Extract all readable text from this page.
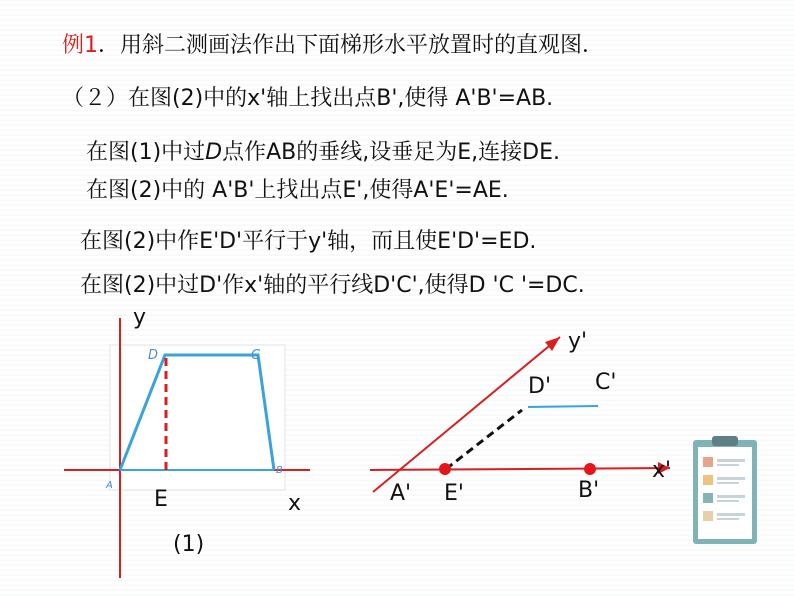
例1．用斜二测画法作出下面梯形水平放置时的直观图．
（２）在图(2)中的x'轴上找出点B',使得 A'B'=AB.
在图(1)中过D点作AB的垂线,设垂足为E,连接DE.
在图(2)中的 A'B'上找出点E',使得A'E'=AE.
在图(2)中作E'D'平行于y'轴，而且使E'D'=ED.
在图(2)中过D'作x'轴的平行线D'C',使得D 'C '=DC.
D	C
A
B
y
x
E
(1)
y'
x'
A' E'	B'
D' C'
